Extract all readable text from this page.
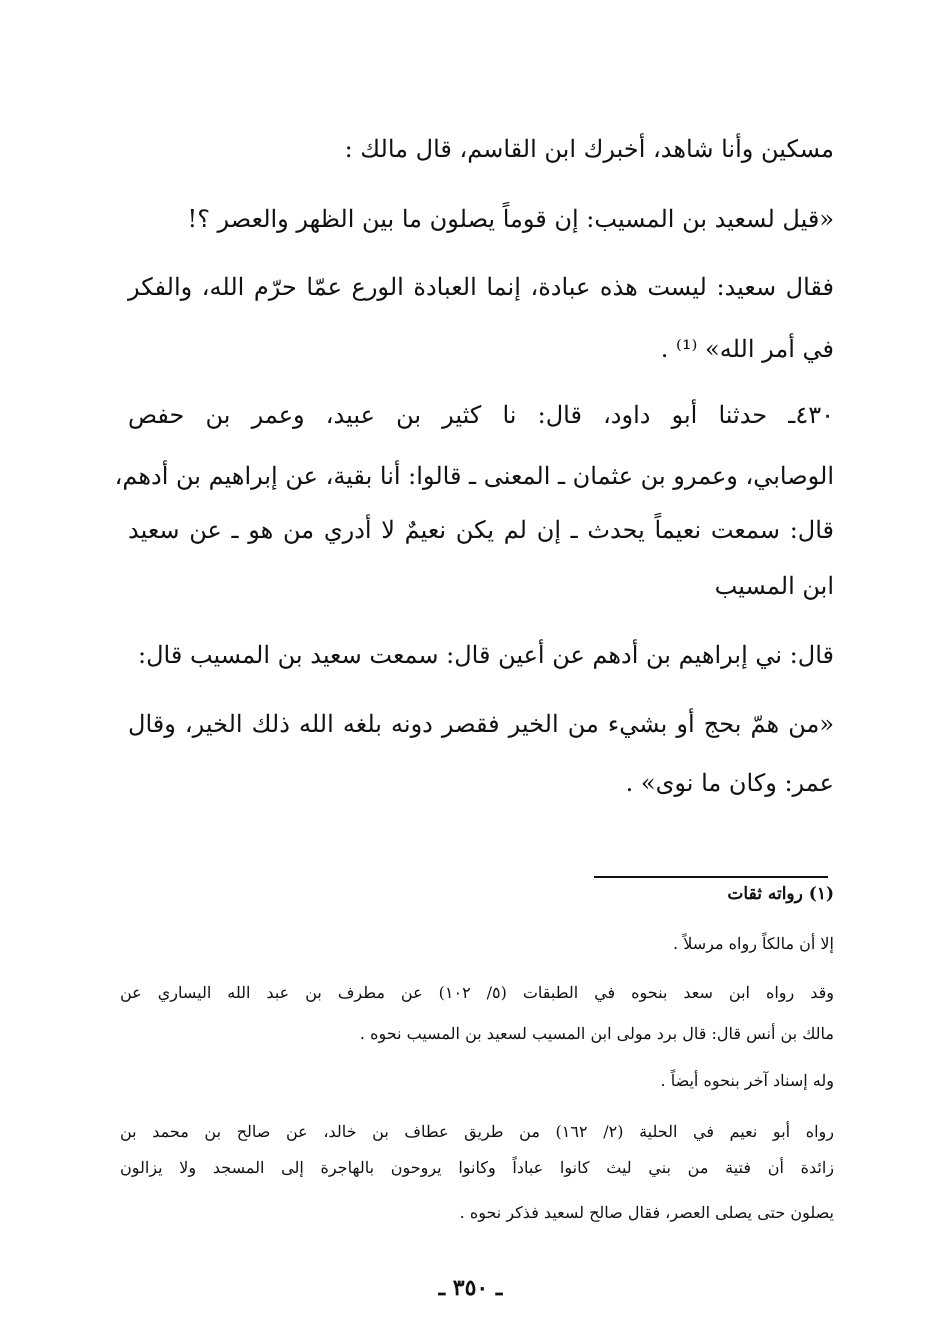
مسكين وأنا شاهد، أخبرك ابن القاسم، قال مالك :
«قيل لسعيد بن المسيب: إن قوماً يصلون ما بين الظهر والعصر ؟!
فقال سعيد: ليست هذه عبادة، إنما العبادة الورع عمّا حرّم الله، والفكر
في أمر الله» ⁽¹⁾ .
٤٣٠ـ حدثنا أبو داود، قال: نا كثير بن عبيد، وعمر بن حفص
الوصابي، وعمرو بن عثمان ـ المعنى ـ قالوا: أنا بقية، عن إبراهيم بن أدهم،
قال: سمعت نعيماً يحدث ـ إن لم يكن نعيمٌ لا أدري من هو ـ عن سعيد
ابن المسيب
قال: ني إبراهيم بن أدهم عن أعين قال: سمعت سعيد بن المسيب قال:
«من همّ بحج أو بشيء من الخير فقصر دونه بلغه الله ذلك الخير، وقال
عمر: وكان ما نوى» .
(١) رواته ثقات
إلا أن مالكاً رواه مرسلاً .
وقد رواه ابن سعد بنحوه في الطبقات (٥/ ١٠٢) عن مطرف بن عبد الله اليساري عن
مالك بن أنس قال: قال برد مولى ابن المسيب لسعيد بن المسيب نحوه .
وله إسناد آخر بنحوه أيضاً .
رواه أبو نعيم في الحلية (٢/ ١٦٢) من طريق عطاف بن خالد، عن صالح بن محمد بن
زائدة أن فتية من بني ليث كانوا عباداً وكانوا يروحون بالهاجرة إلى المسجد ولا يزالون
يصلون حتى يصلى العصر، فقال صالح لسعيد فذكر نحوه .
ـ ٣٥٠ ـ
